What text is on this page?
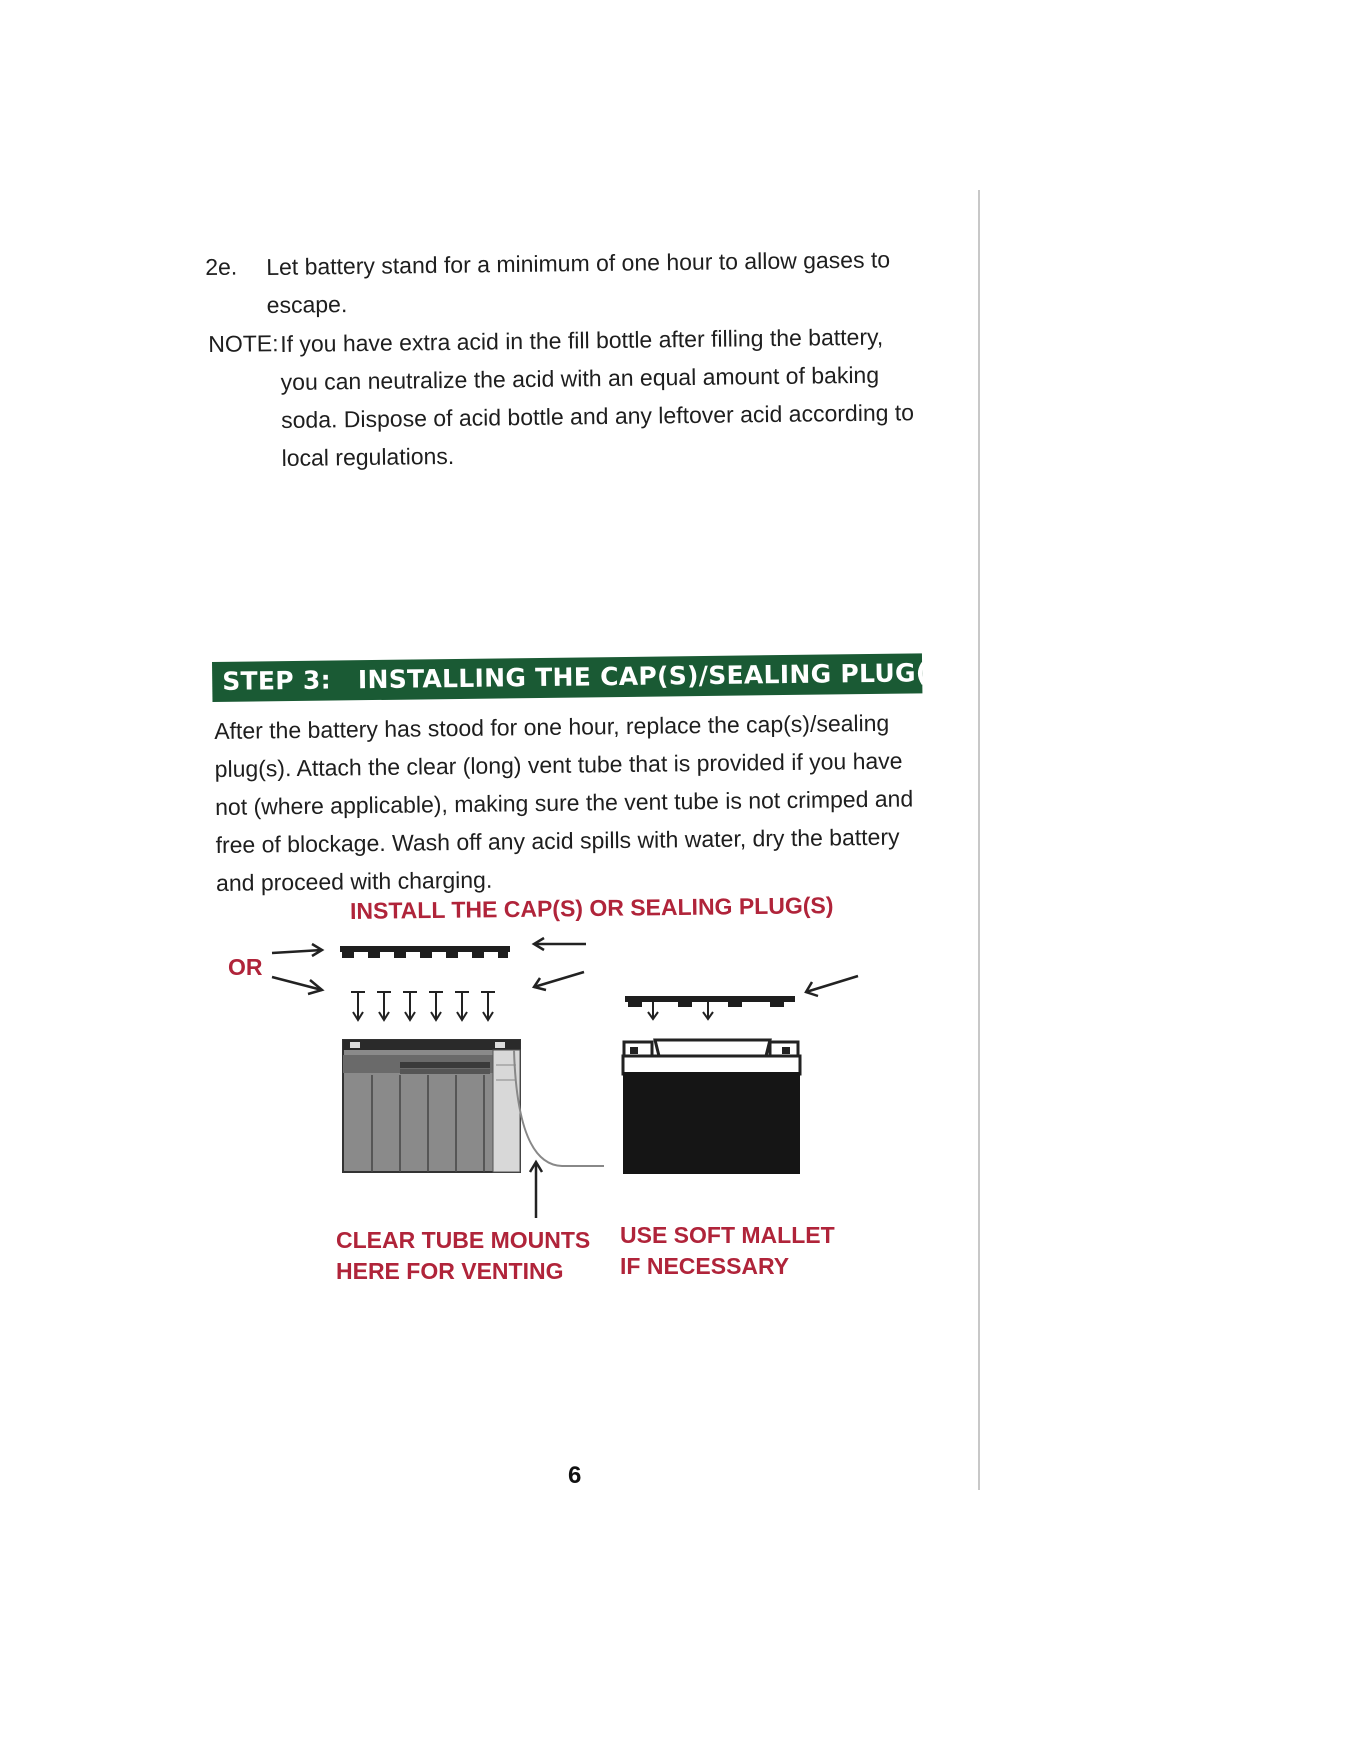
2e. Let battery stand for a minimum of one hour to allow gases to escape.
NOTE: If you have extra acid in the fill bottle after filling the battery, you can neutralize the acid with an equal amount of baking soda. Dispose of acid bottle and any leftover acid according to local regulations.
STEP 3: INSTALLING THE CAP(S)/SEALING PLUG(S)
After the battery has stood for one hour, replace the cap(s)/sealing plug(s). Attach the clear (long) vent tube that is provided if you have not (where applicable), making sure the vent tube is not crimped and free of blockage. Wash off any acid spills with water, dry the battery and proceed with charging.
INSTALL THE CAP(S) OR SEALING PLUG(S)
OR
CLEAR TUBE MOUNTS
HERE FOR VENTING
USE SOFT MALLET
IF NECESSARY
6
